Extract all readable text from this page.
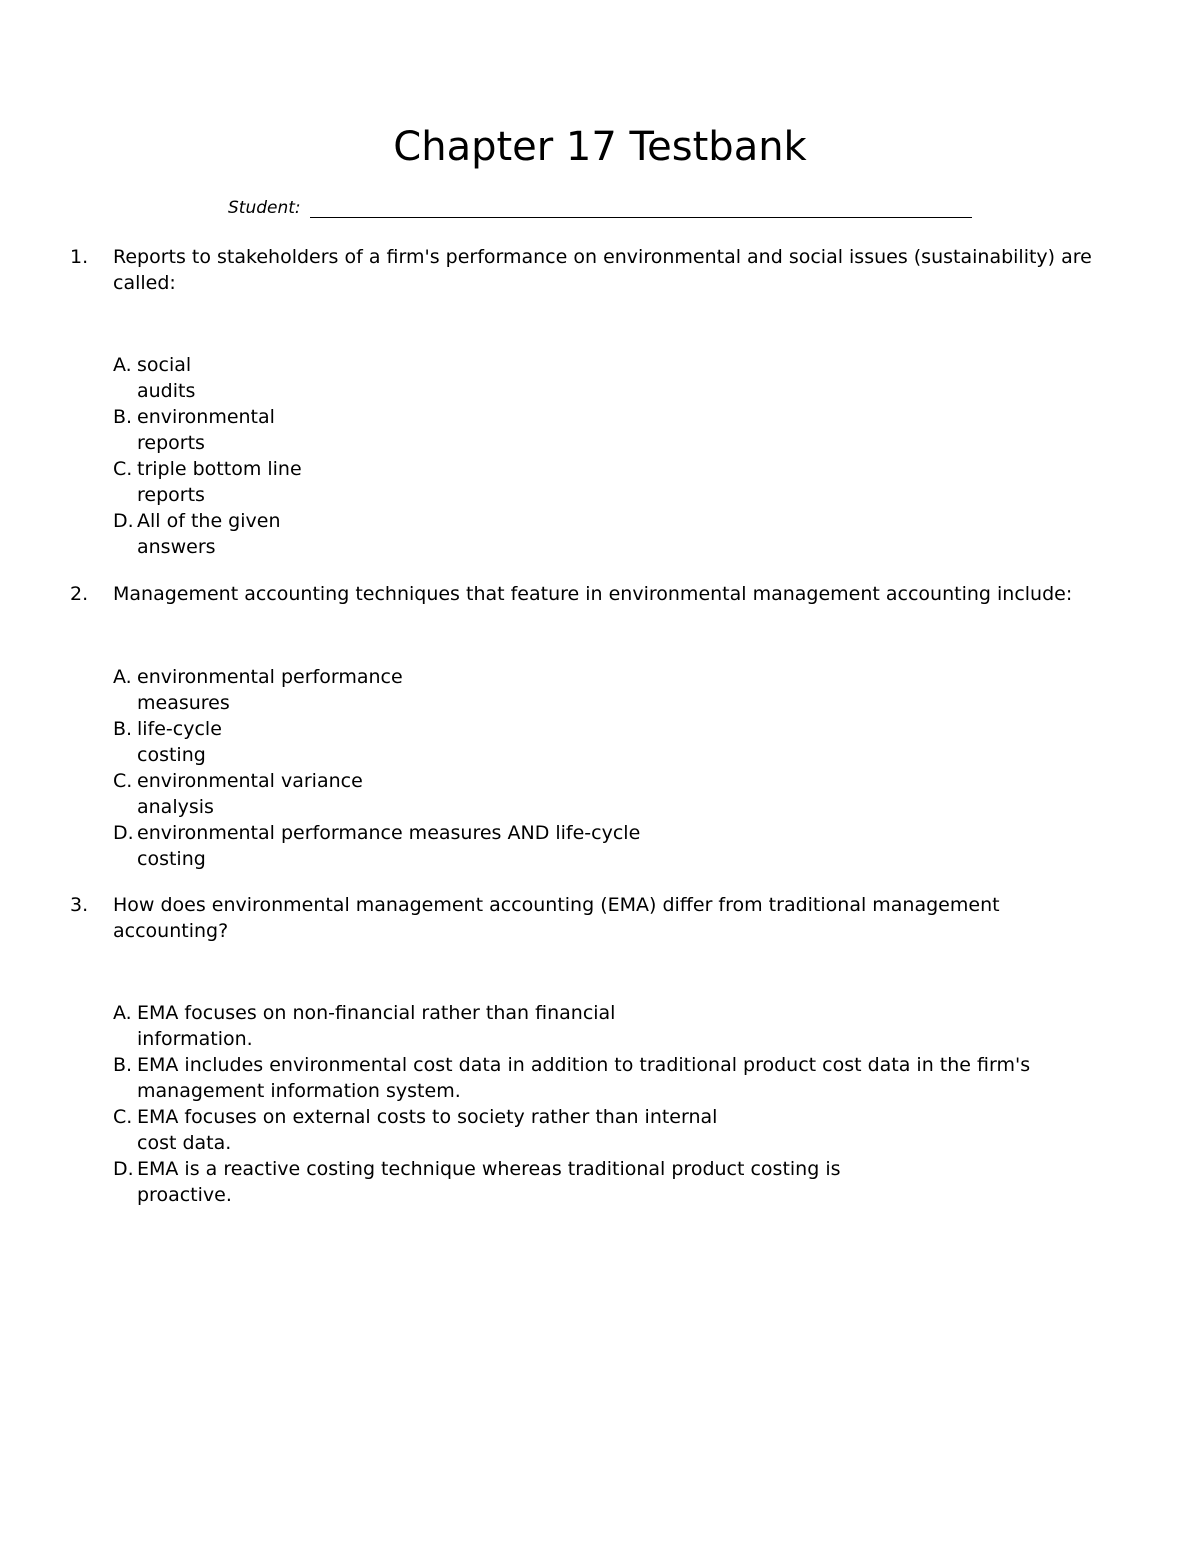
Chapter 17 Testbank
Student:
1. Reports to stakeholders of a firm's performance on environmental and social issues (sustainability) are called:
A. social audits
B. environmental reports
C. triple bottom line reports
D. All of the given answers
2. Management accounting techniques that feature in environmental management accounting include:
A. environmental performance measures
B. life-cycle costing
C. environmental variance analysis
D. environmental performance measures AND life-cycle costing
3. How does environmental management accounting (EMA) differ from traditional management accounting?
A. EMA focuses on non-financial rather than financial information.
B. EMA includes environmental cost data in addition to traditional product cost data in the firm's management information system.
C. EMA focuses on external costs to society rather than internal cost data.
D. EMA is a reactive costing technique whereas traditional product costing is proactive.
